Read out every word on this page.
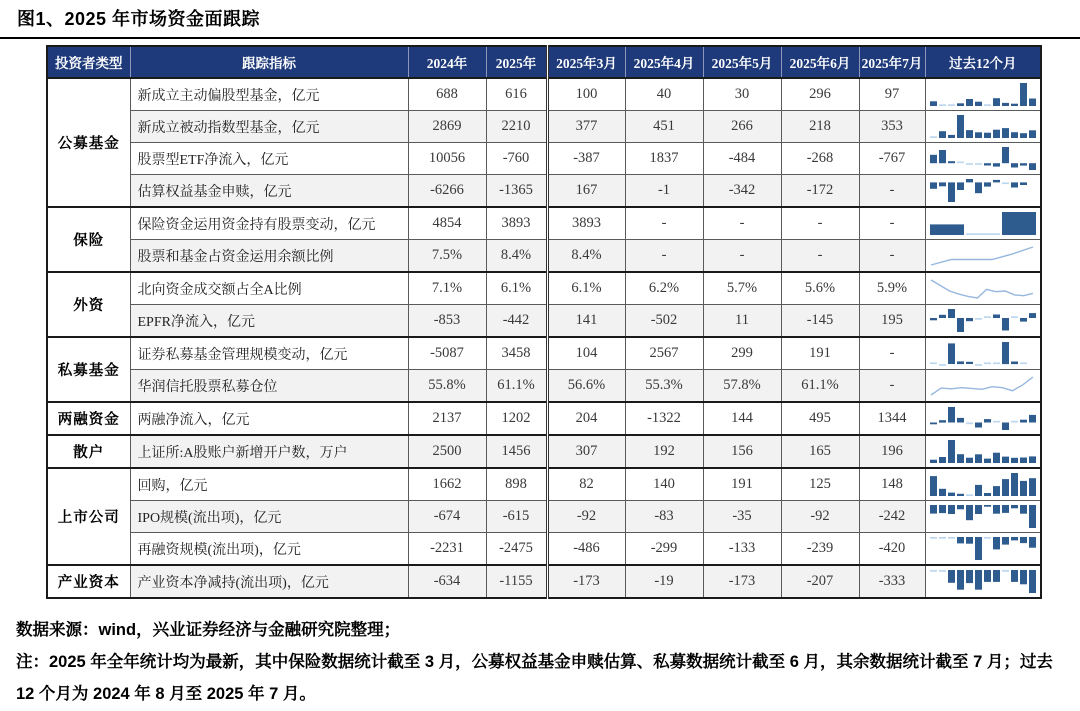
图1、2025 年市场资金面跟踪
投资者类型	跟踪指标	2024年	2025年	2025年3月	2025年4月	2025年5月	2025年6月	2025年7月	过去12个月
公募基金	新成立主动偏股型基金，亿元	688	616	100	40	30	296	97	

	新成立被动指数型基金，亿元	2869	2210	377	451	266	218	353	

	股票型ETF净流入，亿元	10056	-760	-387	1837	-484	-268	-767	

	估算权益基金申赎，亿元	-6266	-1365	167	-1	-342	-172	-	

保险	保险资金运用资金持有股票变动，亿元	4854	3893	3893	-	-	-	-	

	股票和基金占资金运用余额比例	7.5%	8.4%	8.4%	-	-	-	-	

外资	北向资金成交额占全A比例	7.1%	6.1%	6.1%	6.2%	5.7%	5.6%	5.9%	

	EPFR净流入，亿元	-853	-442	141	-502	11	-145	195	

私募基金	证券私募基金管理规模变动，亿元	-5087	3458	104	2567	299	191	-	

	华润信托股票私募仓位	55.8%	61.1%	56.6%	55.3%	57.8%	61.1%	-	

两融资金	两融净流入，亿元	2137	1202	204	-1322	144	495	1344	

散户	上证所:A股账户新增开户数，万户	2500	1456	307	192	156	165	196	

上市公司	回购，亿元	1662	898	82	140	191	125	148	

	IPO规模(流出项)，亿元	-674	-615	-92	-83	-35	-92	-242	

	再融资规模(流出项)，亿元	-2231	-2475	-486	-299	-133	-239	-420	

产业资本	产业资本净减持(流出项)，亿元	-634	-1155	-173	-19	-173	-207	-333	
数据来源：wind，兴业证券经济与金融研究院整理；
注：2025 年全年统计均为最新，其中保险数据统计截至 3 月，公募权益基金申赎估算、私募数据统计截至 6 月，其余数据统计截至 7 月；过去 12 个月为 2024 年 8 月至 2025 年 7 月。
